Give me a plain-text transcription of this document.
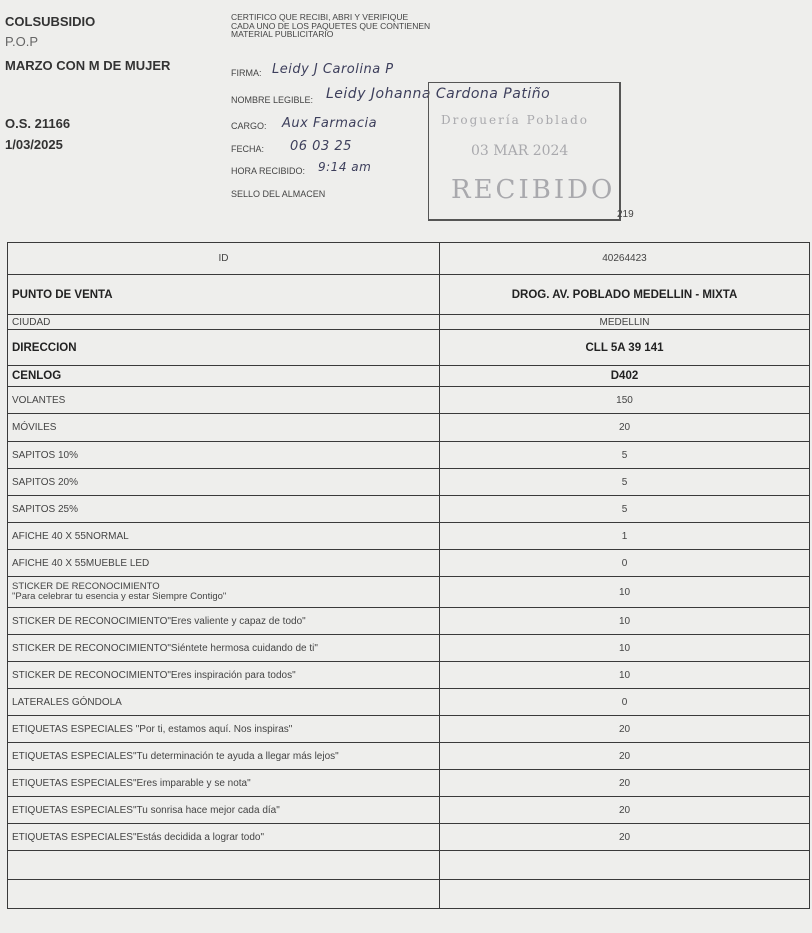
COLSUBSIDIO
P.O.P
MARZO CON M DE MUJER
O.S. 21166
1/03/2025
CERTIFICO QUE RECIBI, ABRI Y VERIFIQUE CADA UNO DE LOS PAQUETES QUE CONTIENEN MATERIAL PUBLICITARIO
FIRMA: Leidy J Carolina P
NOMBRE LEGIBLE: Leidy Johanna Cardona Patiño
CARGO: Aux Farmacia
FECHA: 06 03 25
HORA RECIBIDO: 9:14 am
SELLO DEL ALMACEN
Droguería Poblado
03 MAR 2024
RECIBIDO
219
ID	40264423
PUNTO DE VENTA	DROG. AV. POBLADO MEDELLIN - MIXTA
CIUDAD	MEDELLIN
DIRECCION	CLL 5A 39 141
CENLOG	D402
VOLANTES	150
MÓVILES	20
SAPITOS 10%	5
SAPITOS 20%	5
SAPITOS 25%	5
AFICHE 40 X 55NORMAL	1
AFICHE 40 X 55MUEBLE LED	0
STICKER DE RECONOCIMIENTO
"Para celebrar tu esencia y estar Siempre Contigo"	10
STICKER DE RECONOCIMIENTO"Eres valiente y capaz de todo"	10
STICKER DE RECONOCIMIENTO"Siéntete hermosa cuidando de ti"	10
STICKER DE RECONOCIMIENTO"Eres inspiración para todos"	10
LATERALES GÓNDOLA	0
ETIQUETAS ESPECIALES "Por ti, estamos aquí. Nos inspiras"	20
ETIQUETAS ESPECIALES"Tu determinación te ayuda a llegar más lejos"	20
ETIQUETAS ESPECIALES"Eres imparable y se nota"	20
ETIQUETAS ESPECIALES"Tu sonrisa hace mejor cada día"	20
ETIQUETAS ESPECIALES"Estás decidida a lograr todo"	20
